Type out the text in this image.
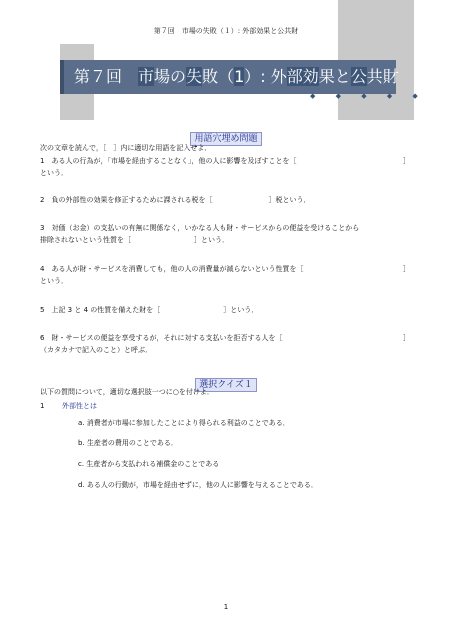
第７回　市場の失敗（１）: 外部効果と公共財
第７回　市場の失敗（1）: 外部効果と公共財
◆ ◆ ◆ ◆ ◆
用語穴埋め問題
次の文章を読んで，［　］内に適切な用語を記入せよ．
1　ある人の行為が，「市場を経由することなく」，他の人に影響を及ぼすことを［	］
という．
2　負の外部性の効果を修正するために課される税を［　　　　　　　　］税という．
3　対価（お金）の支払いの有無に関係なく，いかなる人も財・サービスからの便益を受けることから
排除されないという性質を［　　　　　　　　　］という．
4　ある人が財・サービスを消費しても，他の人の消費量が減らないという性質を［	］
という．
5　上記 3 と 4 の性質を備えた財を［　　　　　　　　　］という．
6　財・サービスの便益を享受するが，それに対する支払いを拒否する人を［	］
（カタカナで記入のこと）と呼ぶ．
選択クイズ１
以下の質問について，適切な選択肢一つに○を付けよ．
1	外部性とは
a. 消費者が市場に参加したことにより得られる利益のことである．
b. 生産者の費用のことである．
c. 生産者から支払われる補償金のことである
d. ある人の行動が，市場を経由せずに，他の人に影響を与えることである．
1
